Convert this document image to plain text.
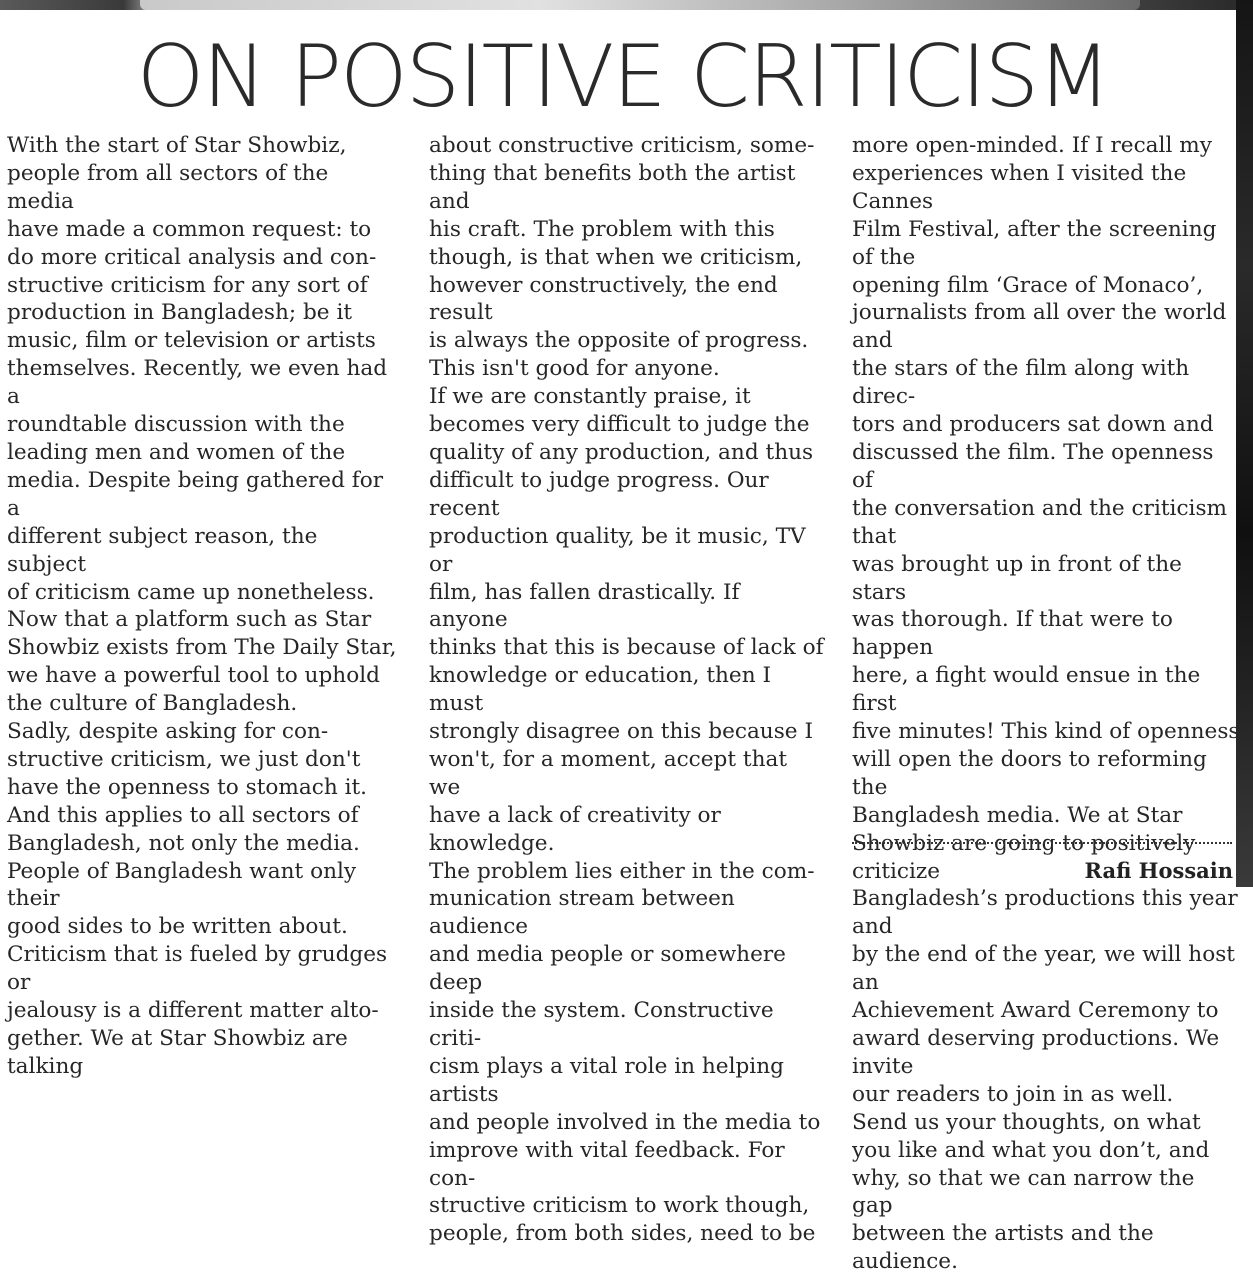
ON POSITIVE CRITICISM

With the start of Star Showbiz,
people from all sectors of the media
have made a common request: to
do more critical analysis and con-
structive criticism for any sort of
production in Bangladesh; be it
music, film or television or artists
themselves. Recently, we even had a
roundtable discussion with the
leading men and women of the
media. Despite being gathered for a
different subject reason, the subject
of criticism came up nonetheless.
Now that a platform such as Star
Showbiz exists from The Daily Star,
we have a powerful tool to uphold
the culture of Bangladesh.

Sadly, despite asking for con-
structive criticism, we just don't
have the openness to stomach it.
And this applies to all sectors of
Bangladesh, not only the media.
People of Bangladesh want only their
good sides to be written about.
Criticism that is fueled by grudges or
jealousy is a different matter alto-
gether. We at Star Showbiz are talking

about constructive criticism, some-
thing that benefits both the artist and
his craft. The problem with this
though, is that when we criticism,
however constructively, the end result
is always the opposite of progress.
This isn't good for anyone.

If we are constantly praise, it
becomes very difficult to judge the
quality of any production, and thus
difficult to judge progress. Our recent
production quality, be it music, TV or
film, has fallen drastically. If anyone
thinks that this is because of lack of
knowledge or education, then I must
strongly disagree on this because I
won't, for a moment, accept that we
have a lack of creativity or knowledge.
The problem lies either in the com-
munication stream between audience
and media people or somewhere deep
inside the system. Constructive criti-
cism plays a vital role in helping artists
and people involved in the media to
improve with vital feedback. For con-
structive criticism to work though,
people, from both sides, need to be

more open-minded. If I recall my
experiences when I visited the Cannes
Film Festival, after the screening of the
opening film ‘Grace of Monaco’,
journalists from all over the world and
the stars of the film along with direc-
tors and producers sat down and
discussed the film. The openness of
the conversation and the criticism that
was brought up in front of the stars
was thorough. If that were to happen
here, a fight would ensue in the first
five minutes! This kind of openness
will open the doors to reforming the
Bangladesh media. We at Star
Showbiz are going to positively criticize
Bangladesh’s productions this year and
by the end of the year, we will host an
Achievement Award Ceremony to
award deserving productions. We invite
our readers to join in as well.

Send us your thoughts, on what
you like and what you don’t, and
why, so that we can narrow the gap
between the artists and the audience.

Rafi Hossain
